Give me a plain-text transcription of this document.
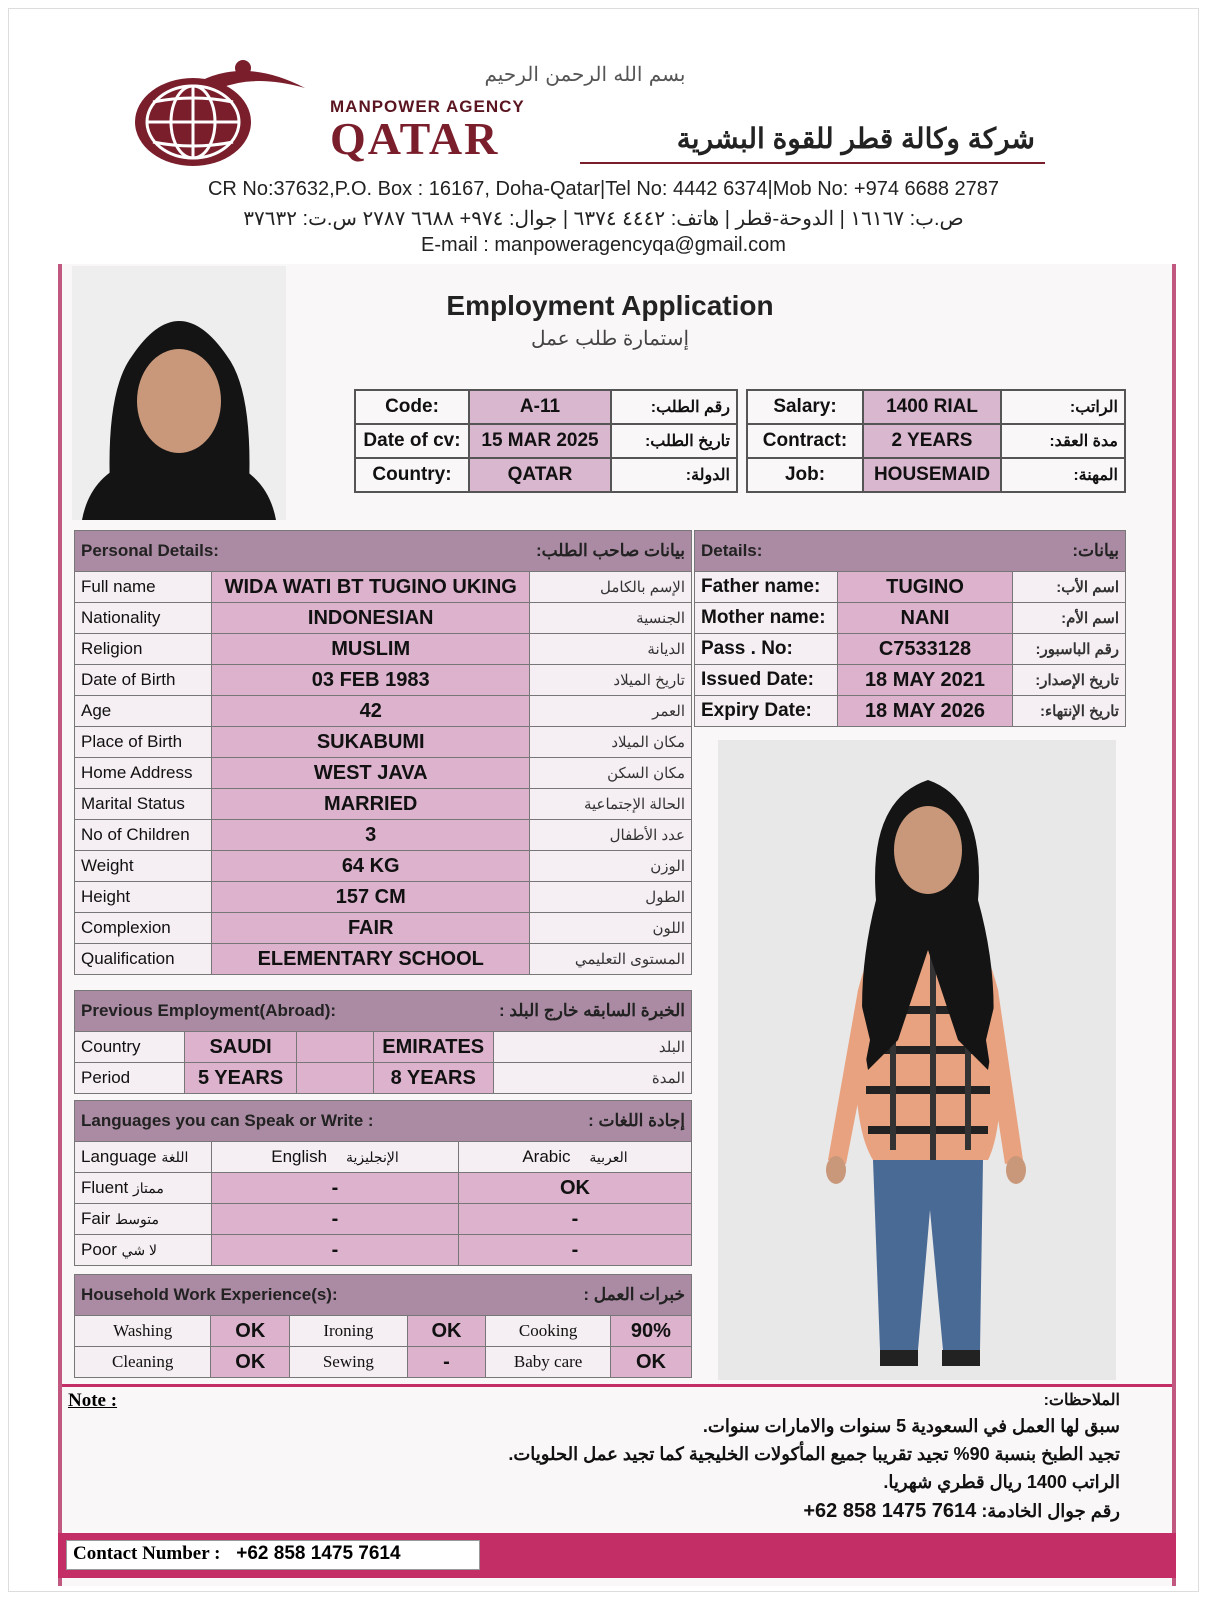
بسم الله الرحمن الرحيم
MANPOWER AGENCY
QATAR	شركة وكالة قطر للقوة البشرية
CR No:37632,P.O. Box : 16167, Doha-Qatar|Tel No: 4442 6374|Mob No: +974 6688 2787
ص.ب: ١٦١٦٧ | الدوحة-قطر | هاتف: ٤٤٤٢ ٦٣٧٤ | جوال: ٩٧٤+ ٦٦٨٨ ٢٧٨٧ س.ت: ٣٧٦٣٢
E-mail : manpoweragencyqa@gmail.com
Employment Application
إستمارة طلب عمل
Code:	A-11	رقم الطلب:
Date of cv:	15 MAR 2025	تاريخ الطلب:
Country:	QATAR	الدولة:
Salary:	1400 RIAL	الراتب:
Contract:	2 YEARS	مدة العقد:
Job:	HOUSEMAID	المهنة:
Personal Details:		بيانات صاحب الطلب:
Full name	WIDA WATI BT TUGINO UKING	الإسم بالكامل
Nationality	INDONESIAN	الجنسية
Religion	MUSLIM	الديانة
Date of Birth	03 FEB 1983	تاريخ الميلاد
Age	42	العمر
Place of Birth	SUKABUMI	مكان الميلاد
Home Address	WEST JAVA	مكان السكن
Marital Status	MARRIED	الحالة الإجتماعية
No of Children	3	عدد الأطفال
Weight	64 KG	الوزن
Height	157 CM	الطول
Complexion	FAIR	اللون
Qualification	ELEMENTARY SCHOOL	المستوى التعليمي
Details:		بيانات:
Father name:	TUGINO	اسم الأب:
Mother name:	NANI	اسم الأم:
Pass . No:	C7533128	رقم الباسبور:
Issued Date:	18 MAY 2021	تاريخ الإصدار:
Expiry Date:	18 MAY 2026	تاريخ الإنتهاء:
Previous Employment(Abroad):				الخبرة السابقه خارج البلد :
Country	SAUDI		EMIRATES	البلد
Period	5 YEARS		8 YEARS	المدة
Languages you can Speak or Write :		إجادة اللغات :
Language اللغة	English الإنجليزية	Arabic العربية
Fluent ممتاز	-	OK
Fair متوسط	-	-
Poor لا شي	-	-
Household Work Experience(s):				خبرات العمل :	
Washing	OK	Ironing	OK	Cooking	90%
Cleaning	OK	Sewing	-	Baby care	OK
Note :	الملاحظات:
سبق لها العمل في السعودية 5 سنوات والامارات سنوات.
تجيد الطبخ بنسبة 90% تجيد تقريبا جميع المأكولات الخليجية كما تجيد عمل الحلويات.
الراتب 1400 ريال قطري شهريا.
رقم جوال الخادمة: +62 858 1475 7614
Contact Number : +62 858 1475 7614
